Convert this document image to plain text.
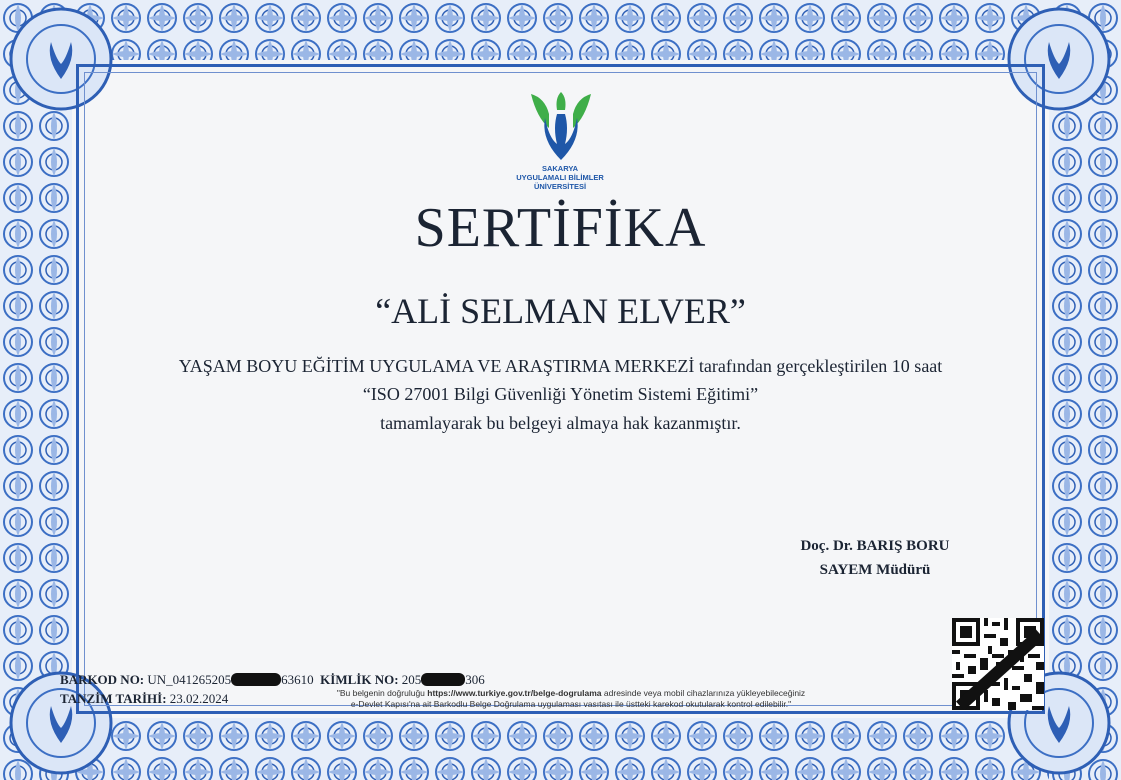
SAKARYA
UYGULAMALI BİLİMLER
ÜNİVERSİTESİ
SERTİFİKA
“ALİ SELMAN ELVER”
YAŞAM BOYU EĞİTİM UYGULAMA VE ARAŞTIRMA MERKEZİ tarafından gerçekleştirilen 10 saat
“ISO 27001 Bilgi Güvenliği Yönetim Sistemi Eğitimi”
tamamlayarak bu belgeyi almaya hak kazanmıştır.
Doç. Dr. BARIŞ BORU
SAYEM Müdürü
BARKOD NO: UN_041265205	63610 KİMLİK NO: 205	306
TANZİM TARİHİ: 23.02.2024	"Bu belgenin doğruluğu https://www.turkiye.gov.tr/belge-dogrulama adresinde veya mobil cihazlarınıza yükleyebileceğiniz
e-Devlet Kapısı'na ait Barkodlu Belge Doğrulama uygulaması vasıtası ile üstteki karekod okutularak kontrol edilebilir."
